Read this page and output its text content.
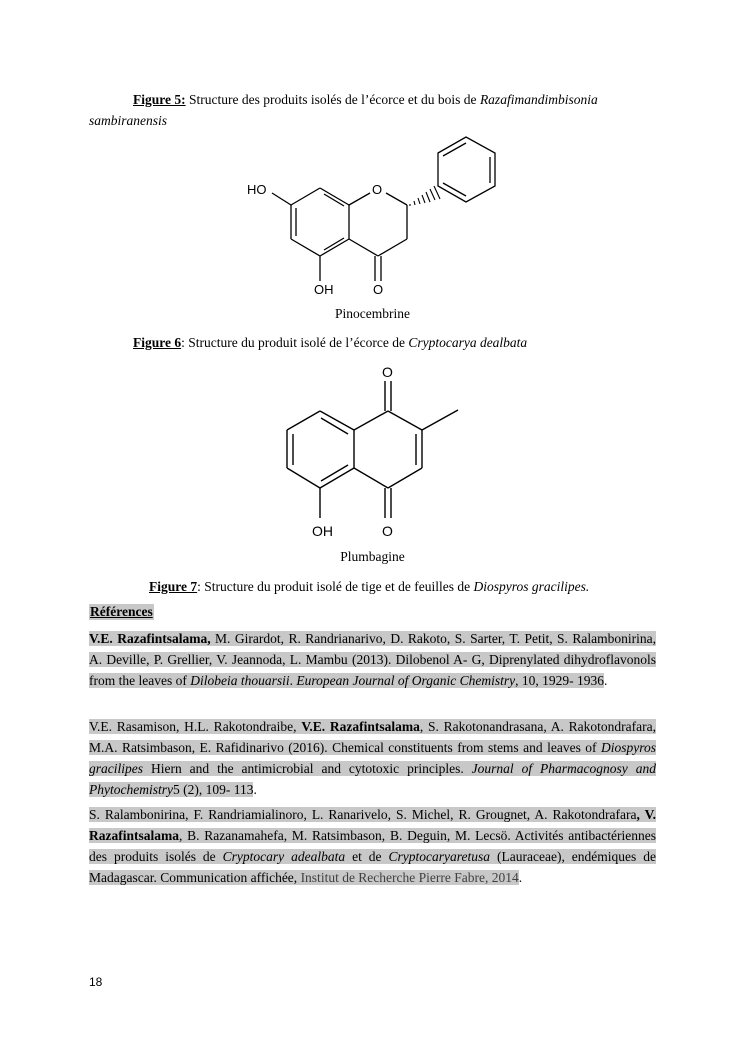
Figure 5: Structure des produits isolés de l’écorce et du bois de Razafimandimbisonia sambiranensis
HO	O
OH	O
Pinocembrine
Figure 6: Structure du produit isolé de l’écorce de Cryptocarya dealbata
O
OH	O
Plumbagine
Figure 7: Structure du produit isolé de tige et de feuilles de Diospyros gracilipes.
Références
V.E. Razafintsalama, M. Girardot, R. Randrianarivo, D. Rakoto, S. Sarter, T. Petit, S. Ralambonirina, A. Deville, P. Grellier, V. Jeannoda, L. Mambu (2013). Dilobenol A- G, Diprenylated dihydroflavonols from the leaves of Dilobeia thouarsii. European Journal of Organic Chemistry, 10, 1929- 1936.
V.E. Rasamison, H.L. Rakotondraibe, V.E. Razafintsalama, S. Rakotonandrasana, A. Rakotondrafara, M.A. Ratsimbason, E. Rafidinarivo (2016). Chemical constituents from stems and leaves of Diospyros gracilipes Hiern and the antimicrobial and cytotoxic principles. Journal of Pharmacognosy and Phytochemistry5 (2), 109- 113.
S. Ralambonirina, F. Randriamialinoro, L. Ranarivelo, S. Michel, R. Grougnet, A. Rakotondrafara, V. Razafintsalama, B. Razanamahefa, M. Ratsimbason, B. Deguin, M. Lecsö. Activités antibactériennes des produits isolés de Cryptocary adealbata et de Cryptocaryaretusa (Lauraceae), endémiques de Madagascar. Communication affichée, Institut de Recherche Pierre Fabre, 2014.
18
